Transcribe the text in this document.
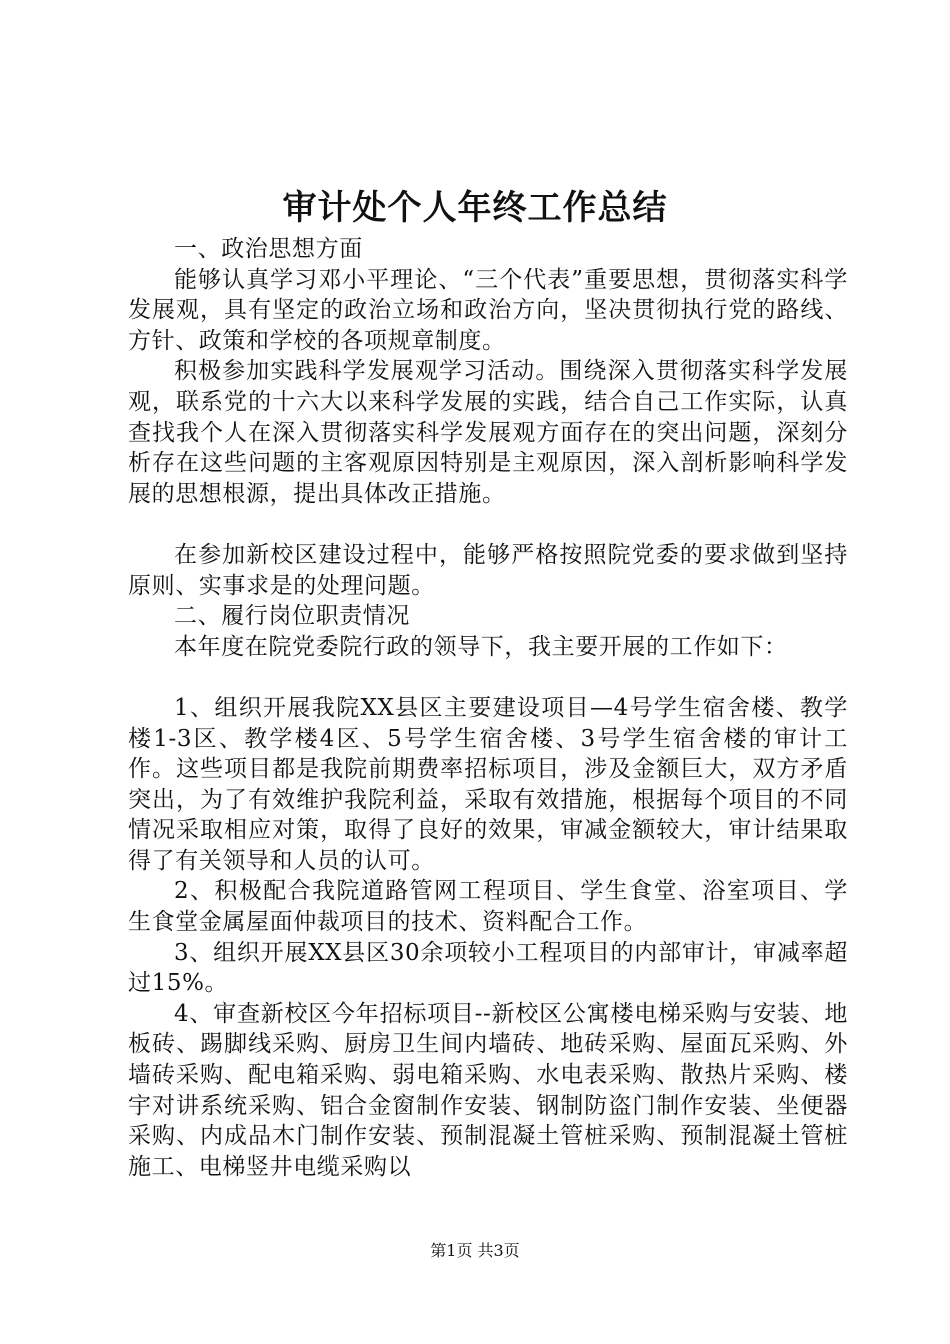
审计处个人年终工作总结

一、政治思想方面

能够认真学习邓小平理论、“三个代表”重要思想，贯彻落实科学发展观，具有坚定的政治立场和政治方向，坚决贯彻执行党的路线、方针、政策和学校的各项规章制度。

积极参加实践科学发展观学习活动。围绕深入贯彻落实科学发展观，联系党的十六大以来科学发展的实践，结合自己工作实际，认真查找我个人在深入贯彻落实科学发展观方面存在的突出问题，深刻分析存在这些问题的主客观原因特别是主观原因，深入剖析影响科学发展的思想根源，提出具体改正措施。

在参加新校区建设过程中，能够严格按照院党委的要求做到坚持原则、实事求是的处理问题。

二、履行岗位职责情况

本年度在院党委院行政的领导下，我主要开展的工作如下：

1、组织开展我院XX县区主要建设项目—4号学生宿舍楼、教学楼1-3区、教学楼4区、5号学生宿舍楼、3号学生宿舍楼的审计工作。这些项目都是我院前期费率招标项目，涉及金额巨大，双方矛盾突出，为了有效维护我院利益，采取有效措施，根据每个项目的不同情况采取相应对策，取得了良好的效果，审减金额较大，审计结果取得了有关领导和人员的认可。

2、积极配合我院道路管网工程项目、学生食堂、浴室项目、学生食堂金属屋面仲裁项目的技术、资料配合工作。

3、组织开展XX县区30余项较小工程项目的内部审计，审减率超过15%。

4、审查新校区今年招标项目--新校区公寓楼电梯采购与安装、地板砖、踢脚线采购、厨房卫生间内墙砖、地砖采购、屋面瓦采购、外墙砖采购、配电箱采购、弱电箱采购、水电表采购、散热片采购、楼宇对讲系统采购、铝合金窗制作安装、钢制防盗门制作安装、坐便器采购、内成品木门制作安装、预制混凝土管桩采购、预制混凝土管桩施工、电梯竖井电缆采购以

第1页 共3页
